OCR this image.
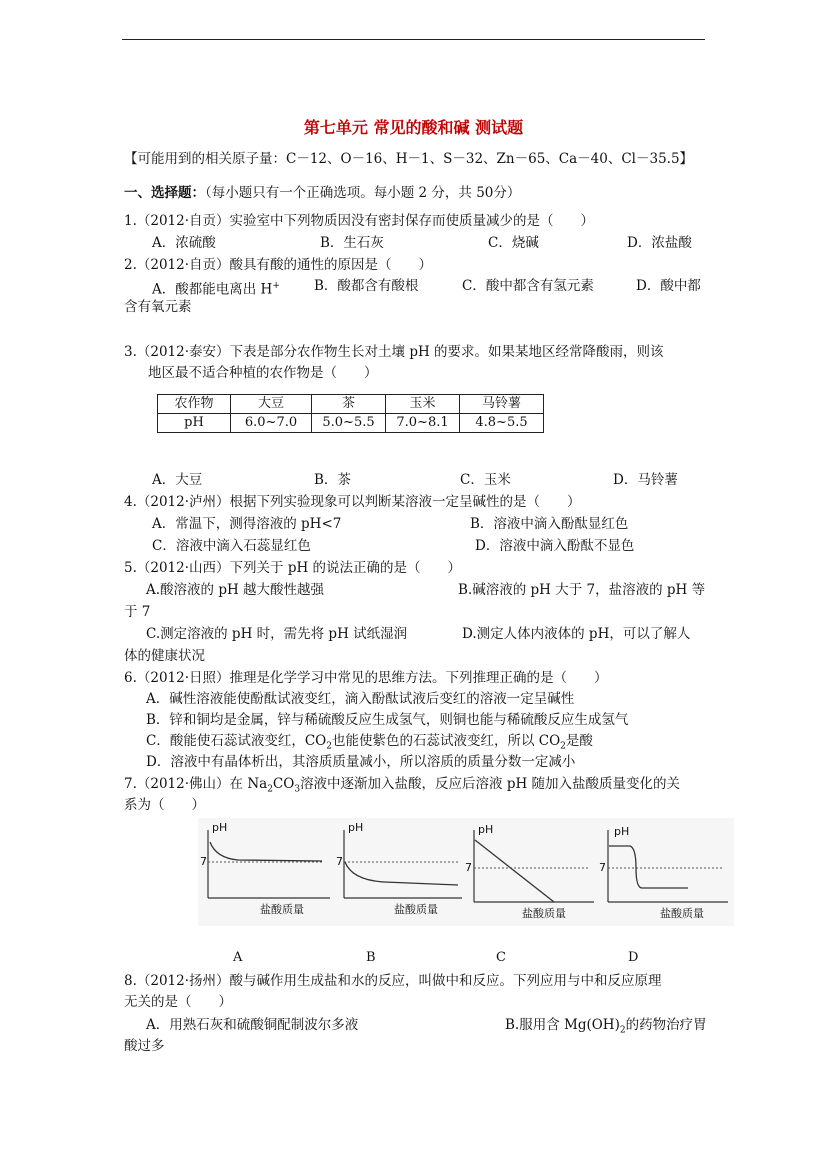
第七单元 常见的酸和碱 测试题
【可能用到的相关原子量：C－12、O－16、H－1、S－32、Zn－65、Ca－40、Cl－35.5】
一、选择题：（每小题只有一个正确选项。每小题 2 分，共 50分）
1.（2012·自贡）实验室中下列物质因没有密封保存而使质量减少的是（　　）
A．浓硫酸	B．生石灰	C．烧碱	D．浓盐酸
2.（2012·自贡）酸具有酸的通性的原因是（　　）
A．酸都能电离出 H+	B．酸都含有酸根	C．酸中都含有氢元素	D．酸中都
含有氧元素
3.（2012·泰安）下表是部分农作物生长对土壤 pH 的要求。如果某地区经常降酸雨，则该
地区最不适合种植的农作物是（　　）
农作物	大豆	茶	玉米	马铃薯
pH	6.0~7.0	5.0~5.5	7.0~8.1	4.8~5.5
A．大豆	B．茶	C．玉米	D．马铃薯
4.（2012·泸州）根据下列实验现象可以判断某溶液一定呈碱性的是（　　）
A．常温下，测得溶液的 pH<7	B．溶液中滴入酚酞显红色
C．溶液中滴入石蕊显红色	D．溶液中滴入酚酞不显色
5.（2012·山西）下列关于 pH 的说法正确的是（　　）
A.酸溶液的 pH 越大酸性越强	B.碱溶液的 pH 大于 7，盐溶液的 pH 等
于 7
C.测定溶液的 pH 时，需先将 pH 试纸湿润	D.测定人体内液体的 pH，可以了解人
体的健康状况
6.（2012·日照）推理是化学学习中常见的思维方法。下列推理正确的是（　　）
A．碱性溶液能使酚酞试液变红，滴入酚酞试液后变红的溶液一定呈碱性
B．锌和铜均是金属，锌与稀硫酸反应生成氢气，则铜也能与稀硫酸反应生成氢气
C．酸能使石蕊试液变红，$CO_2$也能使紫色的石蕊试液变红，所以 $CO_2$是酸
D．溶液中有晶体析出，其溶质质量减小，所以溶质的质量分数一定减小
7.（2012·佛山）在 $Na_2CO_3$溶液中逐渐加入盐酸，反应后溶液 pH 随加入盐酸质量变化的关
系为（　　）
pH
7
盐酸质量
pH
7
盐酸质量
pH
7
盐酸质量
pH
7
盐酸质量
A	B	C	D
8.（2012·扬州）酸与碱作用生成盐和水的反应，叫做中和反应。下列应用与中和反应原理
无关的是（　　）
A．用熟石灰和硫酸铜配制波尔多液	B.服用含 $Mg(OH)_2$的药物治疗胃
酸过多
